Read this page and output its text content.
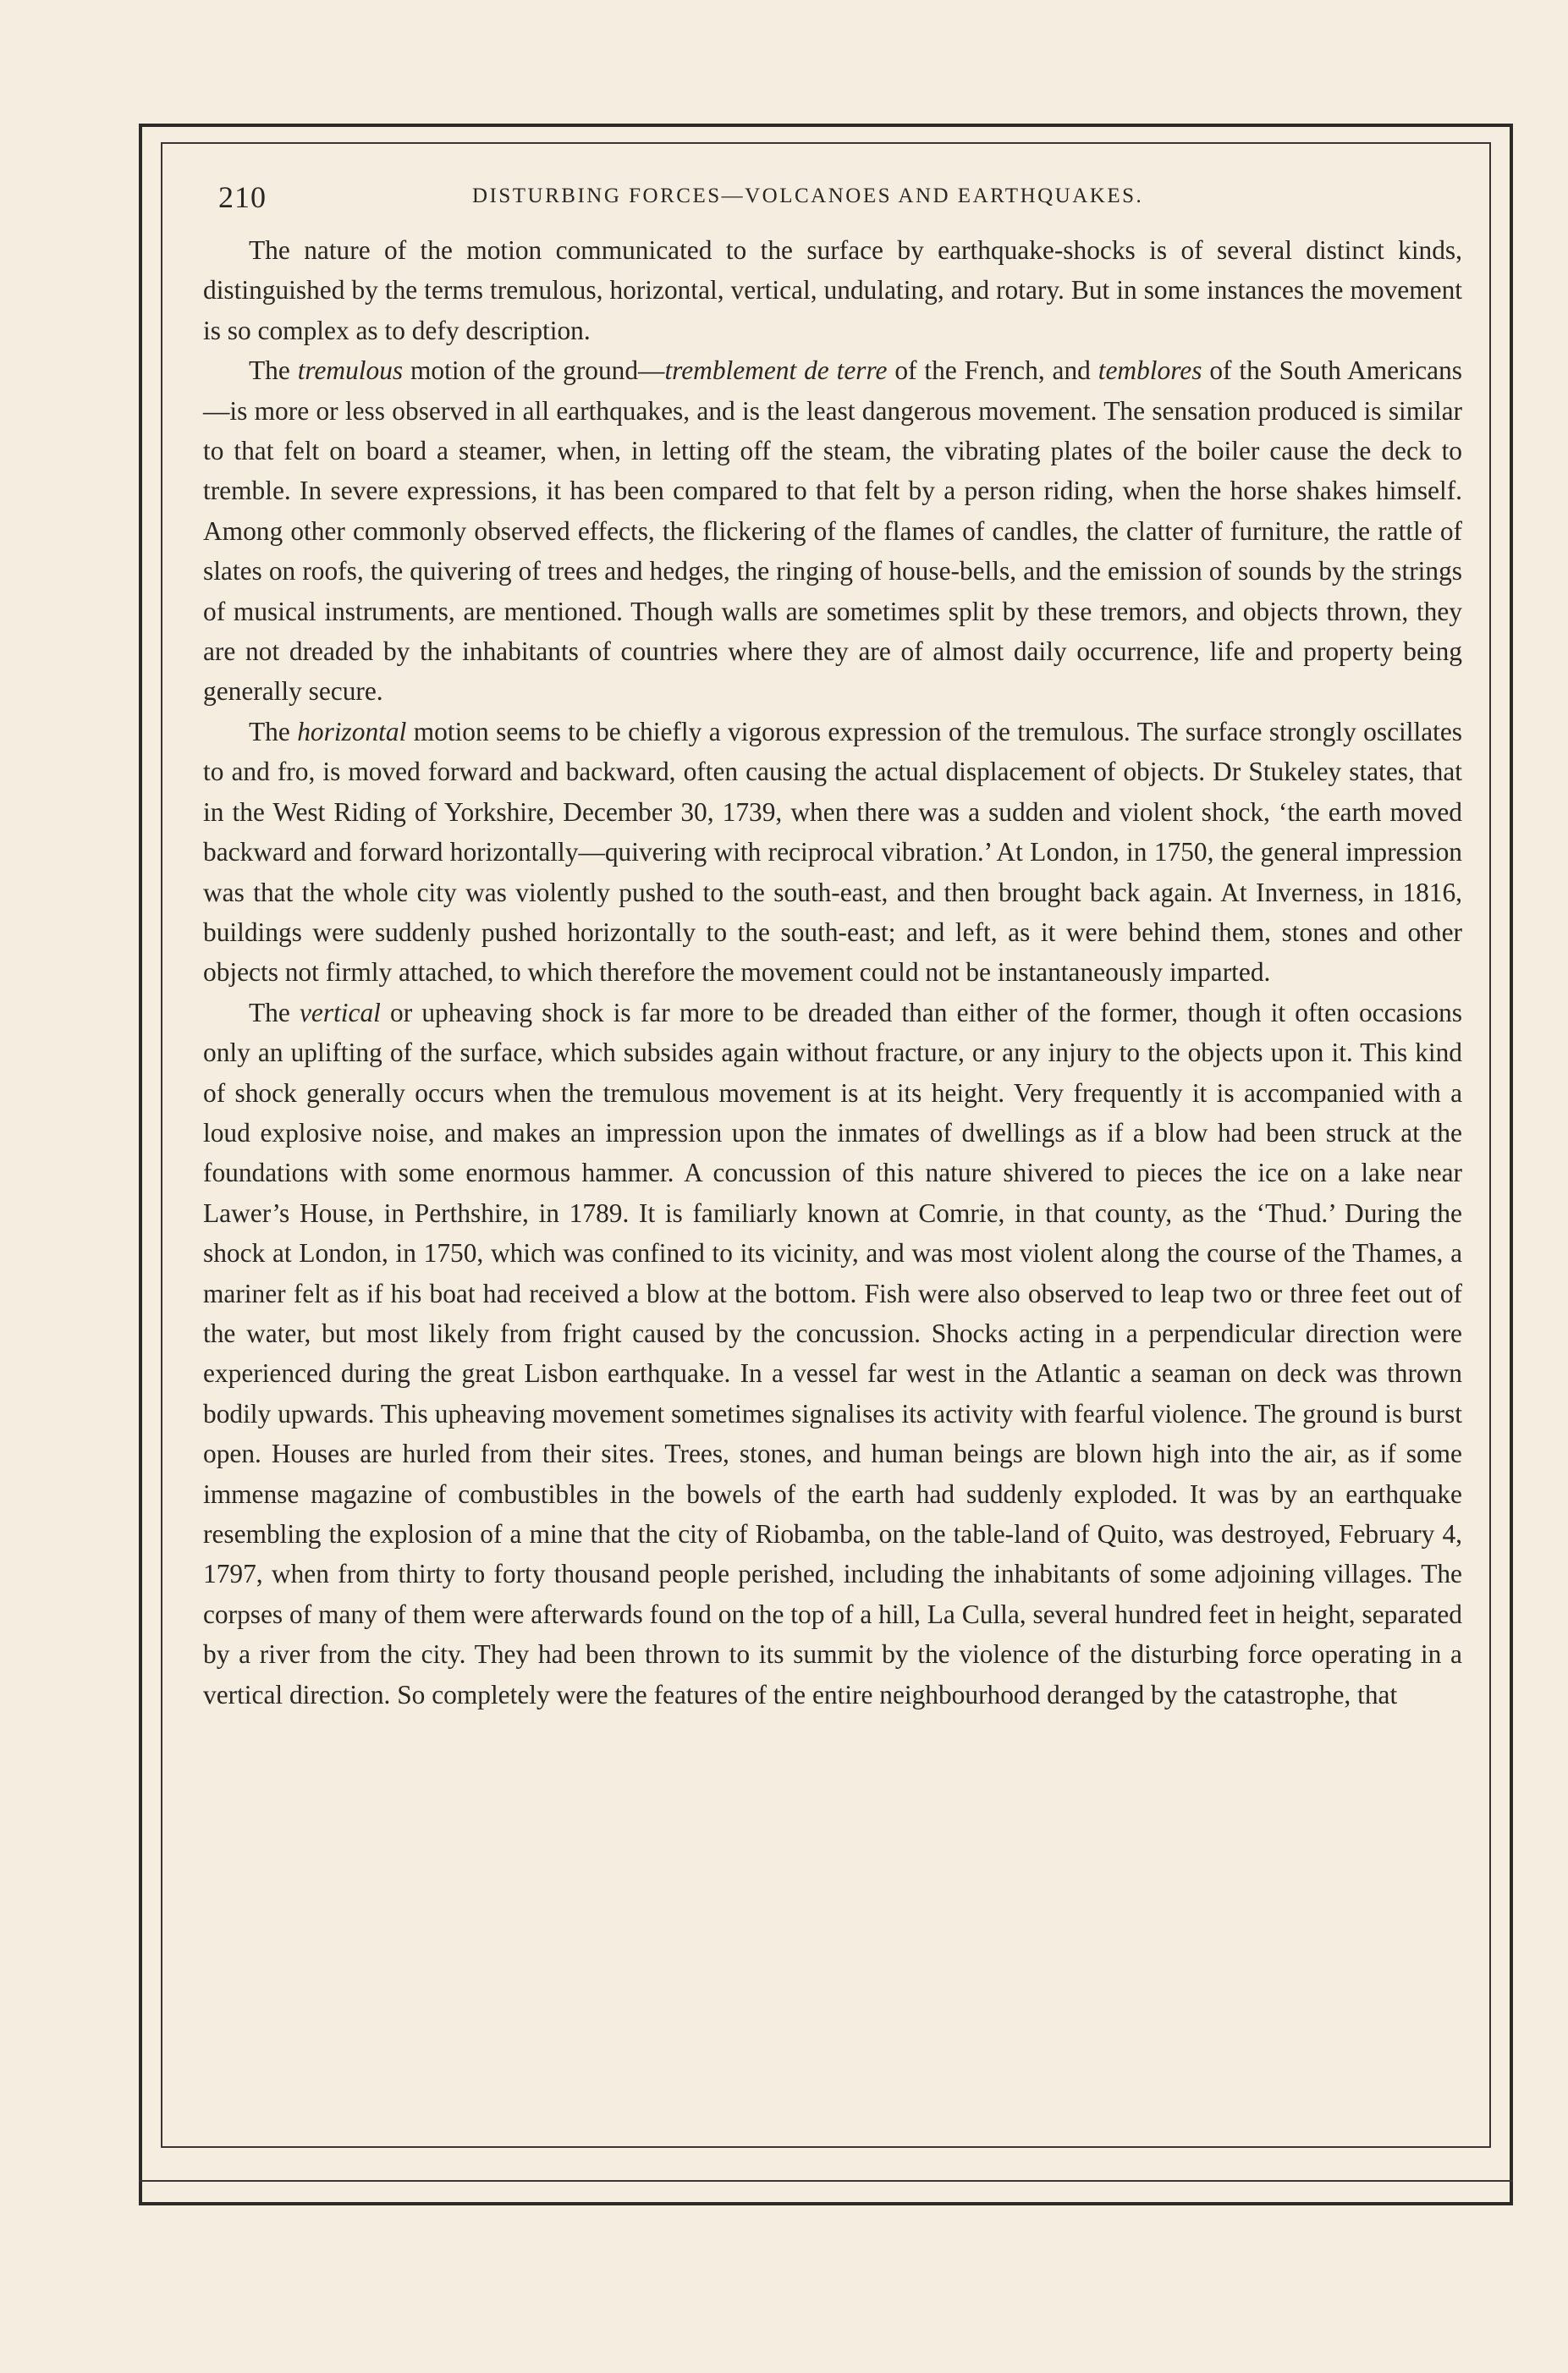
210	DISTURBING FORCES—VOLCANOES AND EARTHQUAKES.

The nature of the motion communicated to the surface by earthquake-shocks is of several distinct kinds, distinguished by the terms tremulous, horizontal, vertical, undulating, and rotary. But in some instances the movement is so complex as to defy description.

The tremulous motion of the ground—tremblement de terre of the French, and temblores of the South Americans—is more or less observed in all earthquakes, and is the least dangerous movement. The sensation produced is similar to that felt on board a steamer, when, in letting off the steam, the vibrating plates of the boiler cause the deck to tremble. In severe expressions, it has been compared to that felt by a person riding, when the horse shakes himself. Among other commonly observed effects, the flickering of the flames of candles, the clatter of furniture, the rattle of slates on roofs, the quivering of trees and hedges, the ringing of house-bells, and the emission of sounds by the strings of musical instruments, are mentioned. Though walls are sometimes split by these tremors, and objects thrown, they are not dreaded by the inhabitants of countries where they are of almost daily occurrence, life and property being generally secure.

The horizontal motion seems to be chiefly a vigorous expression of the tremulous. The surface strongly oscillates to and fro, is moved forward and backward, often causing the actual displacement of objects. Dr Stukeley states, that in the West Riding of Yorkshire, December 30, 1739, when there was a sudden and violent shock, ‘the earth moved backward and forward horizontally—quivering with reciprocal vibration.’ At London, in 1750, the general impression was that the whole city was violently pushed to the south-east, and then brought back again. At Inverness, in 1816, buildings were suddenly pushed horizontally to the south-east; and left, as it were behind them, stones and other objects not firmly attached, to which therefore the movement could not be instantaneously imparted.

The vertical or upheaving shock is far more to be dreaded than either of the former, though it often occasions only an uplifting of the surface, which subsides again without fracture, or any injury to the objects upon it. This kind of shock generally occurs when the tremulous movement is at its height. Very frequently it is accompanied with a loud explosive noise, and makes an impression upon the inmates of dwellings as if a blow had been struck at the foundations with some enormous hammer. A concussion of this nature shivered to pieces the ice on a lake near Lawer’s House, in Perthshire, in 1789. It is familiarly known at Comrie, in that county, as the ‘Thud.’ During the shock at London, in 1750, which was confined to its vicinity, and was most violent along the course of the Thames, a mariner felt as if his boat had received a blow at the bottom. Fish were also observed to leap two or three feet out of the water, but most likely from fright caused by the concussion. Shocks acting in a perpendicular direction were experienced during the great Lisbon earthquake. In a vessel far west in the Atlantic a seaman on deck was thrown bodily upwards. This upheaving movement sometimes signalises its activity with fearful violence. The ground is burst open. Houses are hurled from their sites. Trees, stones, and human beings are blown high into the air, as if some immense magazine of combustibles in the bowels of the earth had suddenly exploded. It was by an earthquake resembling the explosion of a mine that the city of Riobamba, on the table-land of Quito, was destroyed, February 4, 1797, when from thirty to forty thousand people perished, including the inhabitants of some adjoining villages. The corpses of many of them were afterwards found on the top of a hill, La Culla, several hundred feet in height, separated by a river from the city. They had been thrown to its summit by the violence of the disturbing force operating in a vertical direction. So completely were the features of the entire neighbourhood deranged by the catastrophe, that
